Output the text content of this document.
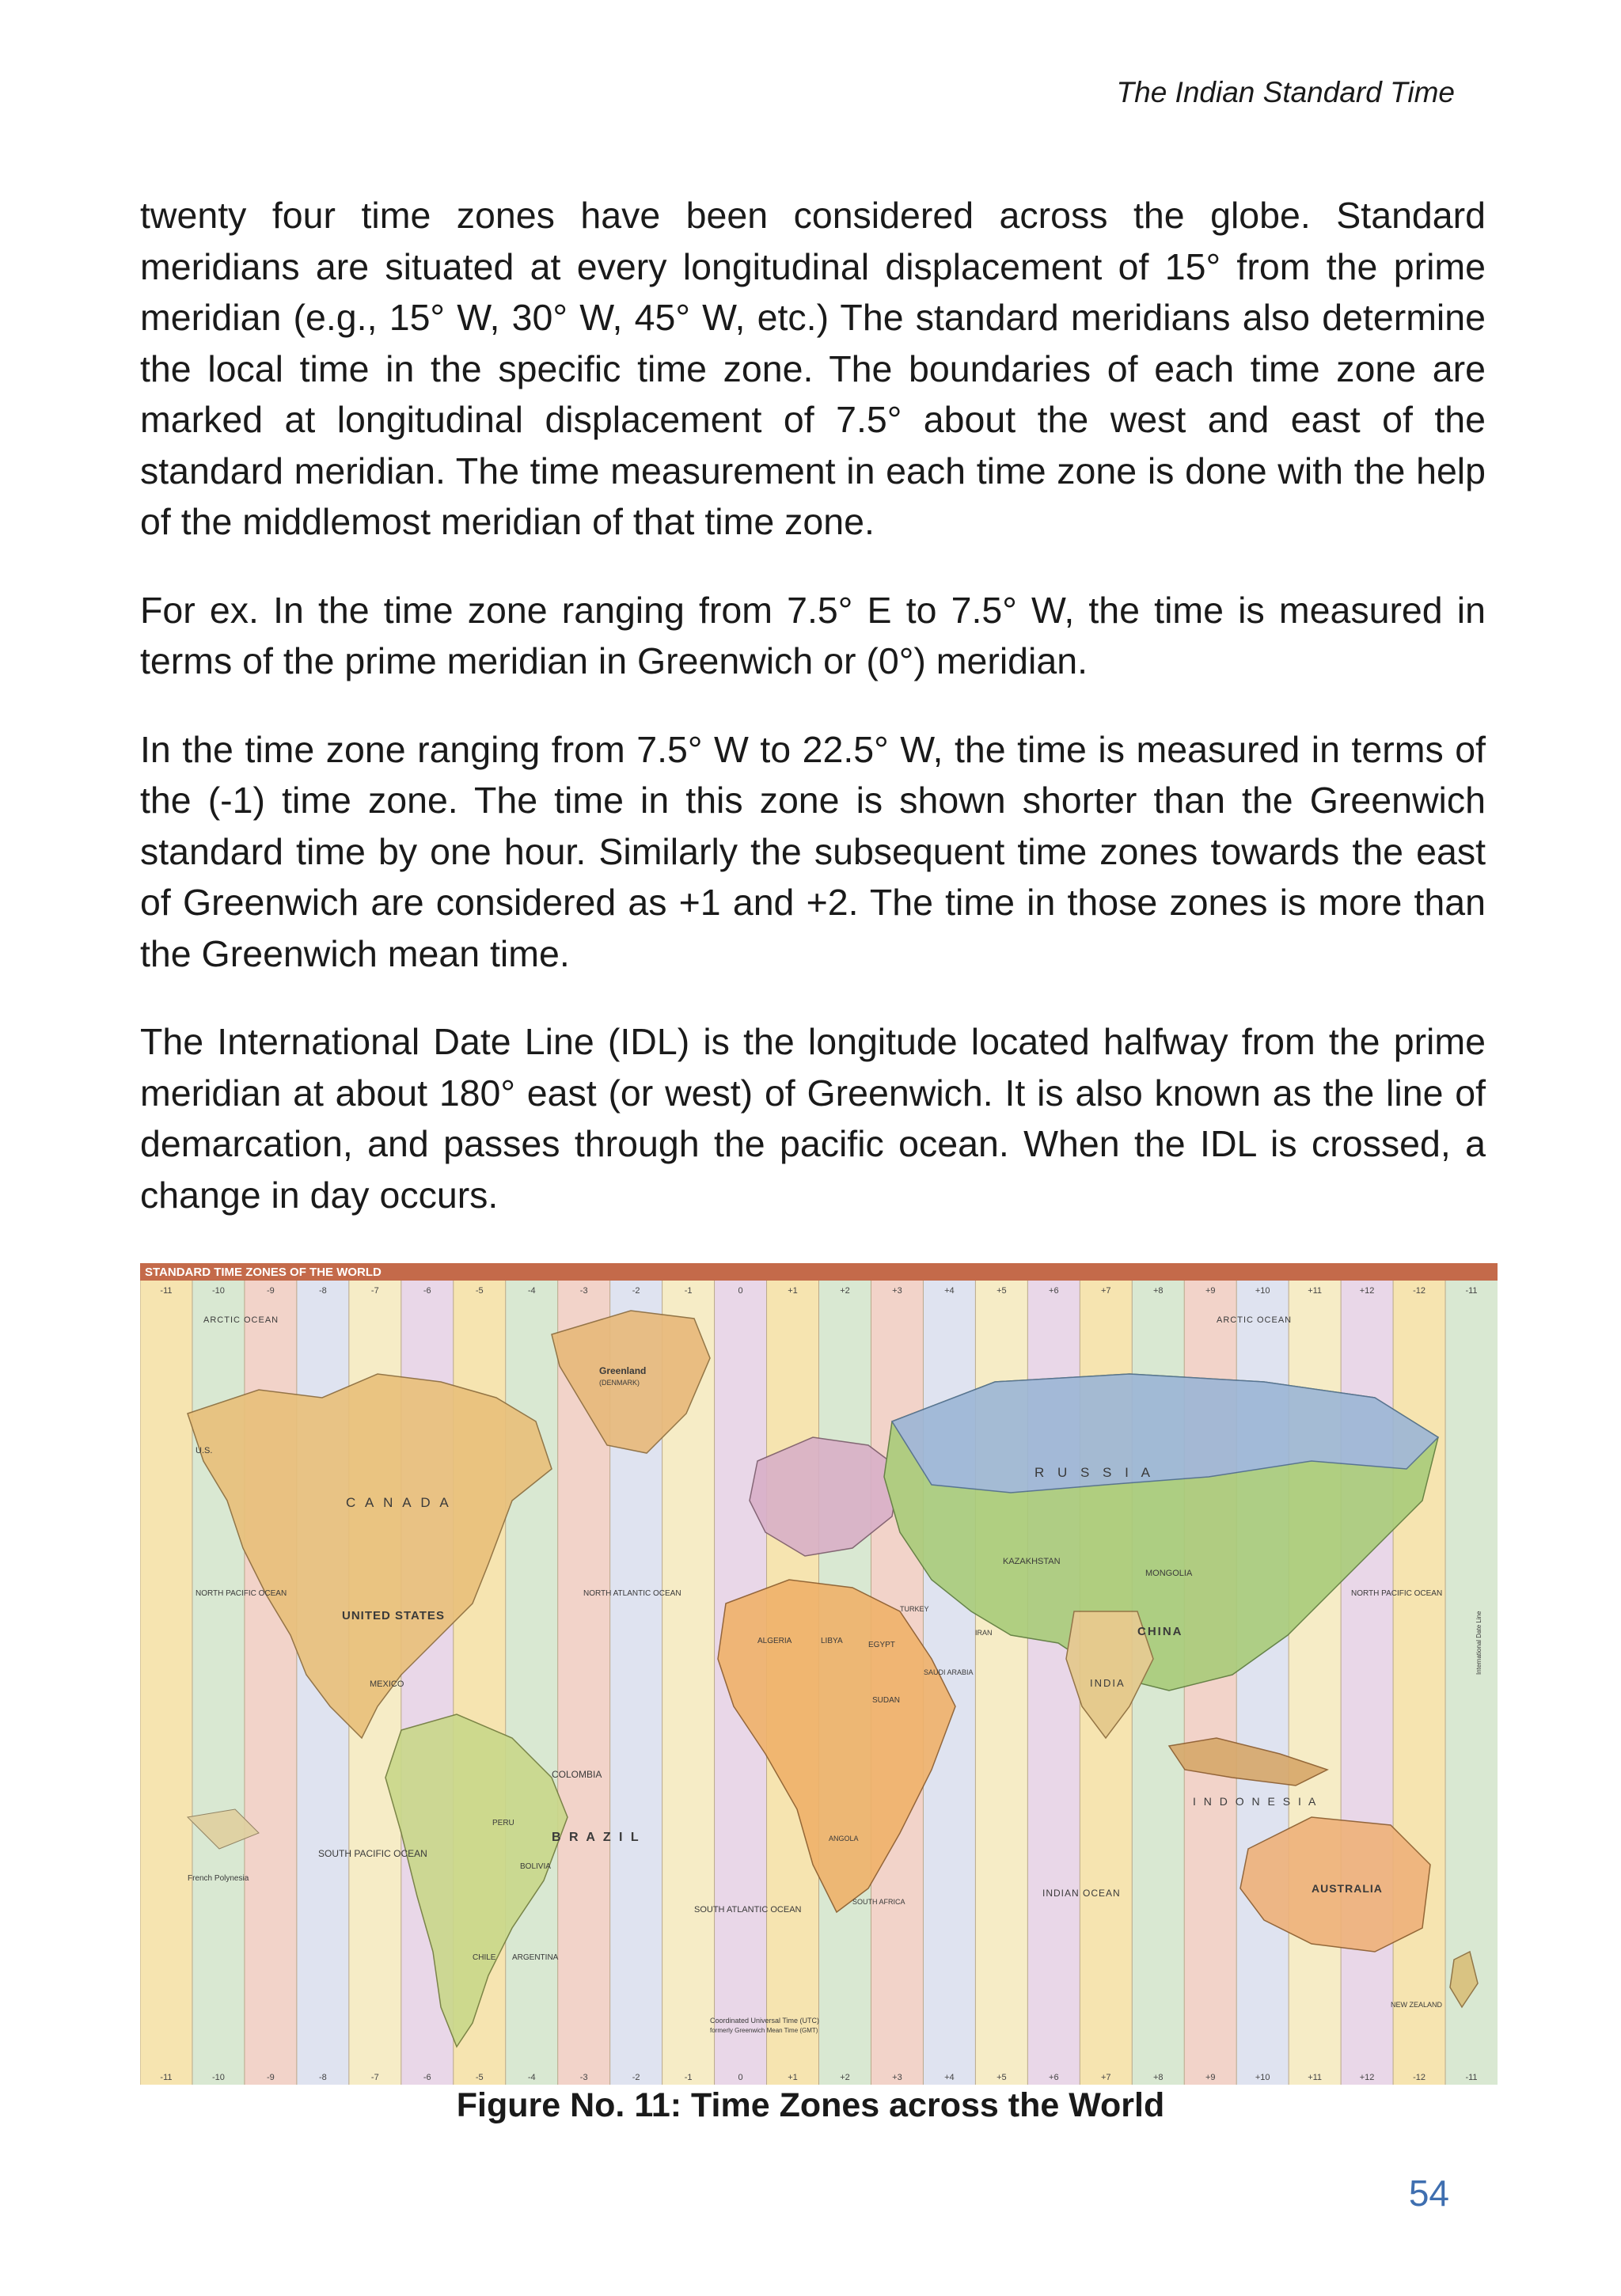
The Indian Standard Time

twenty four time zones have been considered across the globe. Standard meridians are situated at every longitudinal displacement of 15° from the prime meridian (e.g., 15° W, 30° W, 45° W, etc.) The standard meridians also determine the local time in the specific time zone. The boundaries of each time zone are marked at longitudinal displacement of 7.5° about the west and east of the standard meridian. The time measurement in each time zone is done with the help of the middlemost meridian of that time zone.

For ex. In the time zone ranging from 7.5° E to 7.5° W, the time is measured in terms of the prime meridian in Greenwich or (0°) meridian.

In the time zone ranging from 7.5° W to 22.5° W, the time is measured in terms of the (-1) time zone. The time in this zone is shown shorter than the Greenwich standard time by one hour. Similarly the subsequent time zones towards the east of Greenwich are considered as +1 and +2. The time in those zones is more than the Greenwich mean time.

The International Date Line (IDL) is the longitude located halfway from the prime meridian at about 180° east (or west) of Greenwich. It is also known as the line of demarcation, and passes through the pacific ocean. When the IDL is crossed, a change in day occurs.

STANDARD TIME ZONES OF THE WORLD
-11	-10	-9	-8	-7	-6	-5	-4	-3	-2	-1	0	+1	+2	+3	+4	+5	+6	+7	+8	+9	+10	+11	+12	-12	-11
-11	-10	-9	-8	-7	-6	-5	-4	-3	-2	-1	0	+1	+2	+3	+4	+5	+6	+7	+8	+9	+10	+11	+12	-12	-11
ARCTIC OCEAN	ARCTIC OCEAN
Greenland
(DENMARK)
R U S S I A
C A N A D A
UNITED STATES
U.S.
NORTH PACIFIC OCEAN	NORTH ATLANTIC OCEAN	NORTH PACIFIC OCEAN
MEXICO
COLOMBIA
B R A Z I L
PERU
BOLIVIA
CHILE ARGENTINA
SOUTH PACIFIC OCEAN
SOUTH ATLANTIC OCEAN
INDIAN OCEAN
KAZAKHSTAN
MONGOLIA
CHINA
INDIA
I N D O N E S I A
AUSTRALIA
NEW ZEALAND
ALGERIA	LIBYA	EGYPT
SUDAN
SAUDI ARABIA
TURKEY
IRAN
ANGOLA
SOUTH AFRICA
French Polynesia
Coordinated Universal Time (UTC)
formerly Greenwich Mean Time (GMT)
International Date Line
Figure No. 11: Time Zones across the World
54
